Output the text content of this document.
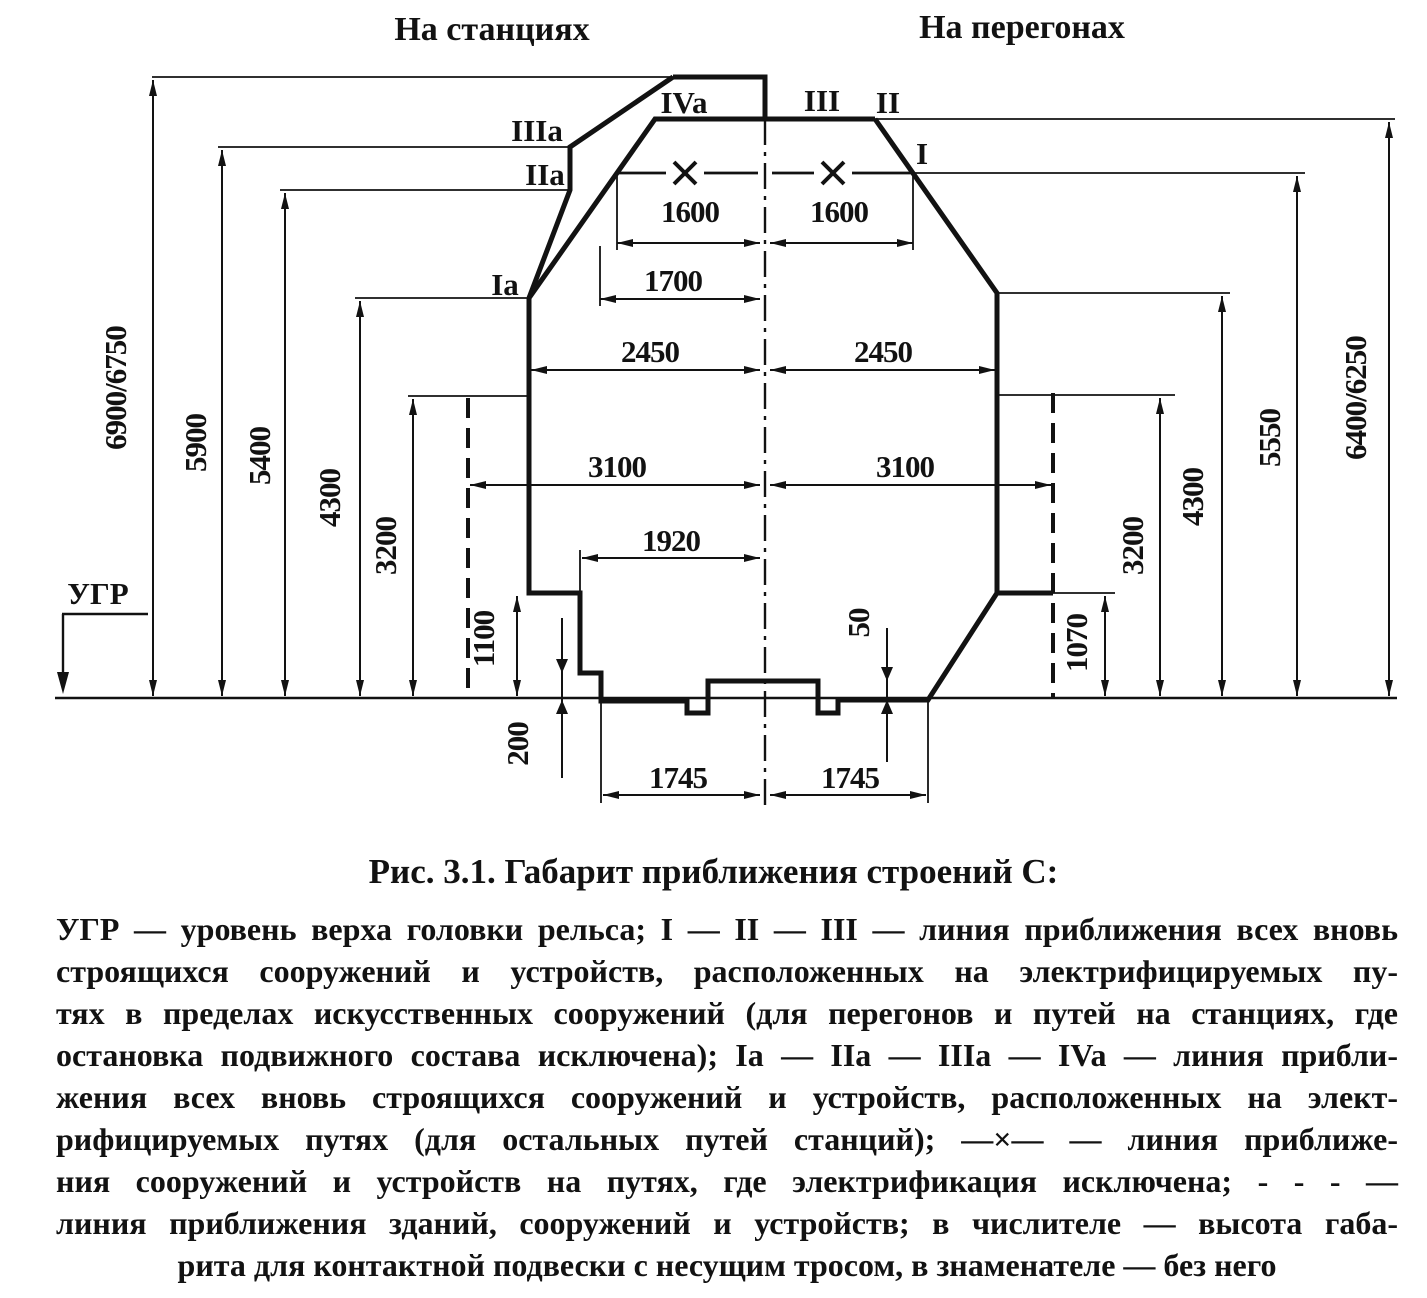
На станциях	На перегонах
УГР
IVa	III II
I
IIIa
IIa
Ia
1600	1600
1700
2450	2450
3100	3100
1920
1745	1745
6900/6750 5900 5400
4300
3200
1100
200
50	1070
3200
4300
5550 6400/6250
Рис. 3.1. Габарит приближения строений С:
УГР — уровень верха головки рельса; I — II — III — линия приближения всех вновь
строящихся сооружений и устройств, расположенных на электрифицируемых пу-
тях в пределах искусственных сооружений (для перегонов и путей на станциях, где
остановка подвижного состава исключена); Ia — IIa — IIIa — IVa — линия прибли-
жения всех вновь строящихся сооружений и устройств, расположенных на элект-
рифицируемых путях (для остальных путей станций); —×— — линия приближе-
ния сооружений и устройств на путях, где электрификация исключена; - - - —
линия приближения зданий, сооружений и устройств; в числителе — высота габа-
рита для контактной подвески с несущим тросом, в знаменателе — без него
